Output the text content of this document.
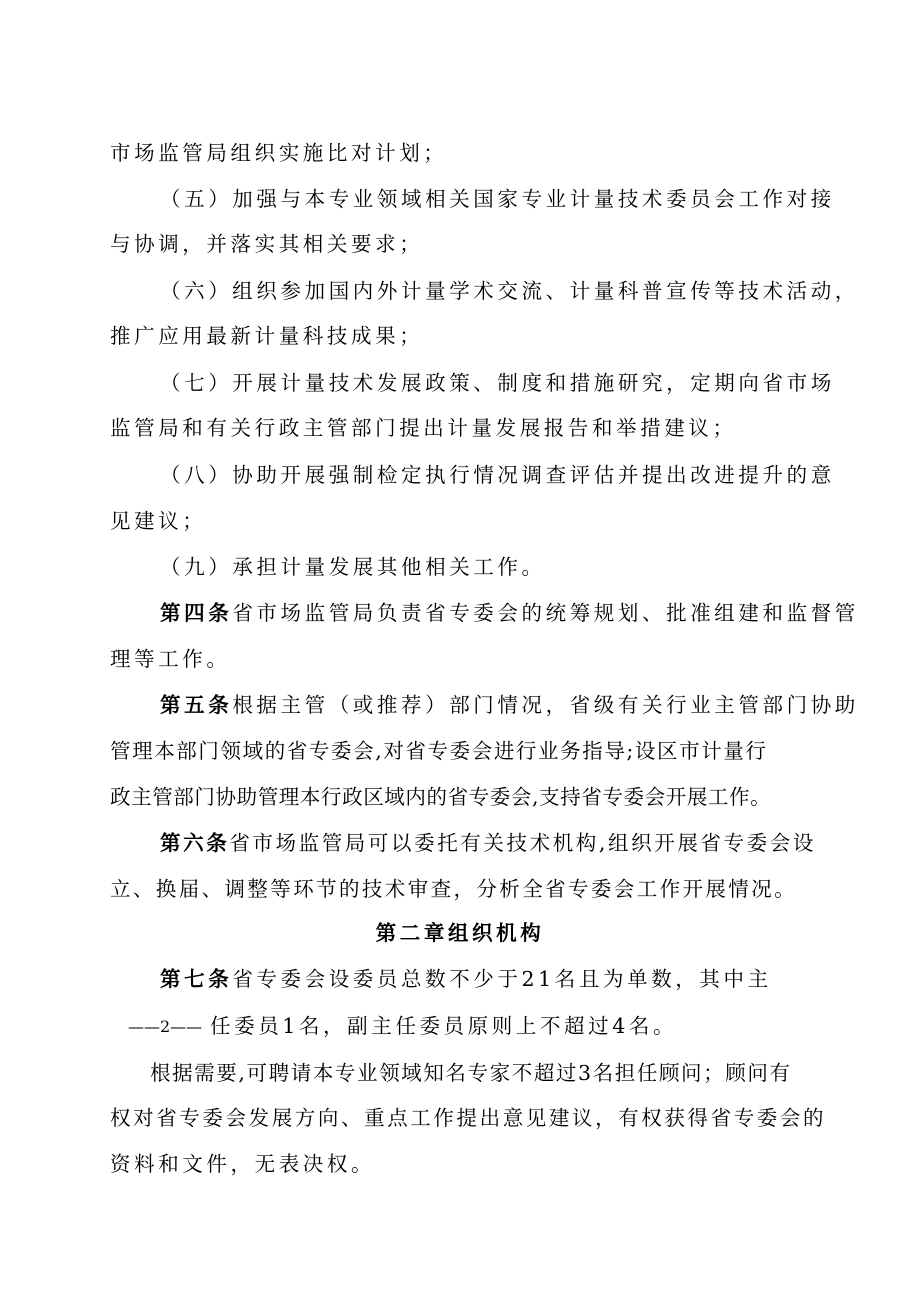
市场监管局组织实施比对计划；
（五）加强与本专业领域相关国家专业计量技术委员会工作对接
与协调，并落实其相关要求；
（六）组织参加国内外计量学术交流、计量科普宣传等技术活动，
推广应用最新计量科技成果；
（七）开展计量技术发展政策、制度和措施研究，定期向省市场
监管局和有关行政主管部门提出计量发展报告和举措建议；
（八）协助开展强制检定执行情况调查评估并提出改进提升的意
见建议；
（九）承担计量发展其他相关工作。
第四条省市场监管局负责省专委会的统筹规划、批准组建和监督管
理等工作。
第五条根据主管（或推荐）部门情况，省级有关行业主管部门协助
管理本部门领域的省专委会,对省专委会进行业务指导;设区市计量行
政主管部门协助管理本行政区域内的省专委会,支持省专委会开展工作。
第六条省市场监管局可以委托有关技术机构,组织开展省专委会设
立、换届、调整等环节的技术审查，分析全省专委会工作开展情况。
第二章组织机构
第七条省专委会设委员总数不少于21名且为单数，其中主
——2—— 任委员1名，副主任委员原则上不超过4名。
根据需要,可聘请本专业领域知名专家不超过3名担任顾问；顾问有
权对省专委会发展方向、重点工作提出意见建议，有权获得省专委会的
资料和文件，无表决权。
